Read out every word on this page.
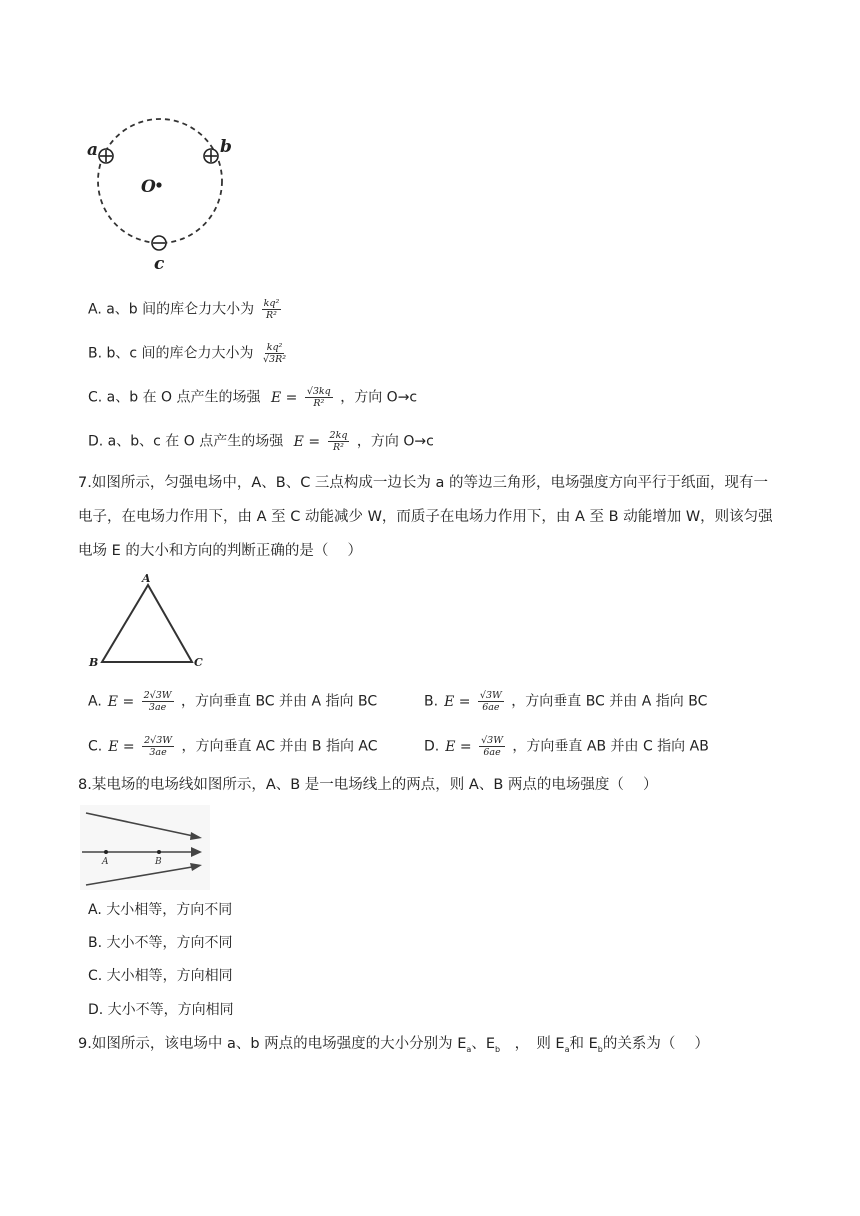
a	b
O
c
A. a、b 间的库仑力大小为 $\frac{\text{kq²}}{\text{R²}}$
B. b、c 间的库仑力大小为 $\frac{\text{kq²}}{\text{√3R²}}$
C. a、b 在 O 点产生的场强 $E = \frac{√3kq}{\text{R²}}$ ，方向 O→c
D. a、b、c 在 O 点产生的场强 $E = \frac{2kq}{\text{R²}}$ ，方向 O→c
7.如图所示，匀强电场中，A、B、C 三点构成一边长为 a 的等边三角形，电场强度方向平行于纸面，现有一
电子，在电场力作用下，由 A 至 C 动能减少 W，而质子在电场力作用下，由 A 至 B 动能增加 W，则该匀强
电场 E 的大小和方向的判断正确的是（　 ）
A
B	C
A. $E = \frac{2√3W}{3ae}$ ，方向垂直 BC 并由 A 指向 BC	B. $E = \frac{√3W}{6ae}$ ，方向垂直 BC 并由 A 指向 BC
C. $E = \frac{2√3W}{3ae}$ ，方向垂直 AC 并由 B 指向 AC	D. $E = \frac{√3W}{6ae}$ ，方向垂直 AB 并由 C 指向 AB
8.某电场的电场线如图所示，A、B 是一电场线上的两点，则 A、B 两点的电场强度（　 ）
A	B
A. 大小相等，方向不同
B. 大小不等，方向不同
C. 大小相等，方向相同
D. 大小不等，方向相同
9.如图所示，该电场中 a、b 两点的电场强度的大小分别为 $E_a$、$E_b$　，　则 $E_a$和 $E_b$的关系为（　 ）
